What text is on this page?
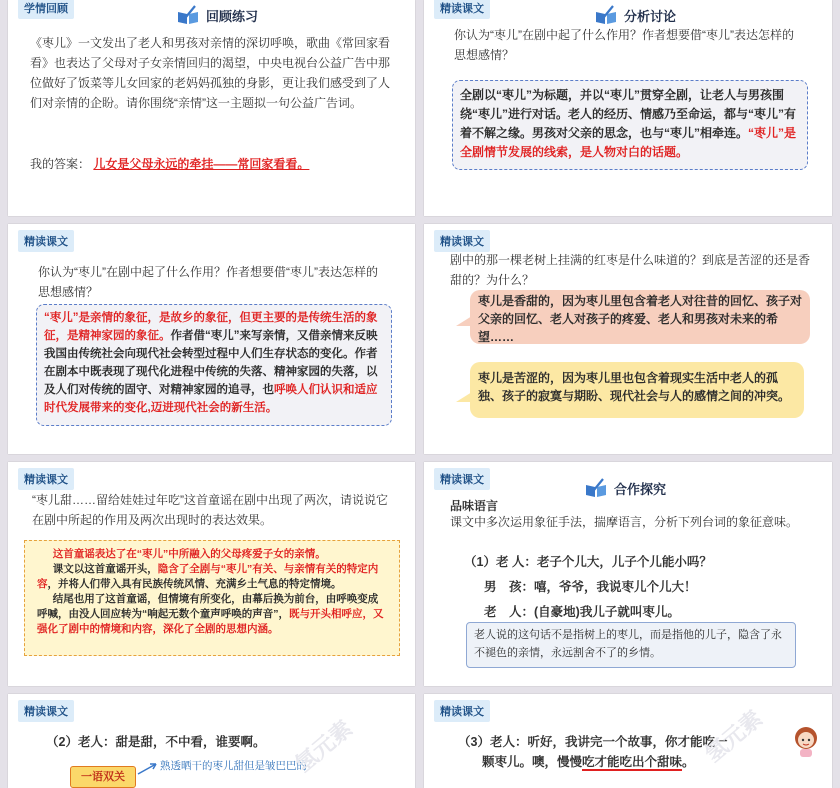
学情回顾	回顾练习
《枣儿》一文发出了老人和男孩对亲情的深切呼唤，歌曲《常回家看看》也表达了父母对子女亲情回归的渴望，中央电视台公益广告中那位做好了饭菜等儿女回家的老妈妈孤独的身影，更让我们感受到了人们对亲情的企盼。请你围绕“亲情”这一主题拟一句公益广告词。
我的答案： 儿女是父母永远的牵挂——常回家看看。
精读课文	分析讨论
你认为“枣儿”在剧中起了什么作用？作者想要借“枣儿”表达怎样的思想感情？
全剧以“枣儿”为标题，并以“枣儿”贯穿全剧，让老人与男孩围绕“枣儿”进行对话。老人的经历、情感乃至命运，都与“枣儿”有着不解之缘。男孩对父亲的思念，也与“枣儿”相牵连。“枣儿”是全剧情节发展的线索，是人物对白的话题。
精读课文
你认为“枣儿”在剧中起了什么作用？作者想要借“枣儿”表达怎样的思想感情？
“枣儿”是亲情的象征，是故乡的象征，但更主要的是传统生活的象征，是精神家园的象征。作者借“枣儿”来写亲情，又借亲情来反映我国由传统社会向现代社会转型过程中人们生存状态的变化。作者在剧本中既表现了现代化进程中传统的失落、精神家园的失落，以及人们对传统的固守、对精神家园的追寻，也呼唤人们认识和适应时代发展带来的变化,迈进现代社会的新生活。
精读课文
剧中的那一棵老树上挂满的红枣是什么味道的？到底是苦涩的还是香甜的？为什么？
枣儿是香甜的，因为枣儿里包含着老人对往昔的回忆、孩子对父亲的回忆、老人对孩子的疼爱、老人和男孩对未来的希望……
枣儿是苦涩的，因为枣儿里也包含着现实生活中老人的孤独、孩子的寂寞与期盼、现代社会与人的感情之间的冲突。
精读课文
“枣儿甜……留给娃娃过年吃”这首童谣在剧中出现了两次，请说说它在剧中所起的作用及两次出现时的表达效果。
这首童谣表达了在“枣儿”中所融入的父母疼爱子女的亲情。
课文以这首童谣开头，隐含了全剧与“枣儿”有关、与亲情有关的特定内容，并将人们带入具有民族传统风情、充满乡土气息的特定情境。
结尾也用了这首童谣，但情境有所变化，由幕后换为前台，由呼唤变成呼喊，由没人回应转为“响起无数个童声呼唤的声音”，既与开头相呼应，又强化了剧中的情境和内容，深化了全剧的思想内涵。
精读课文
合作探究
品味语言
课文中多次运用象征手法，揣摩语言，分析下列台词的象征意味。
（1）老 人：老子个儿大，儿子个儿能小吗？
男　孩：嘻，爷爷，我说枣儿个儿大！
老　人：(自豪地)我儿子就叫枣儿。
老人说的这句话不是指树上的枣儿，而是指他的儿子，隐含了永不褪色的亲情，永远割舍不了的乡情。
精读课文
（2）老人：甜是甜，不中看，谁要啊。
一语双关
熟透晒干的枣儿甜但是皱巴巴的
精读课文
（3）老人：听好，我讲完一个故事，你才能吃一
颗枣儿。噢，慢慢吃才能吃出个甜味。
氢元素	氢元素
